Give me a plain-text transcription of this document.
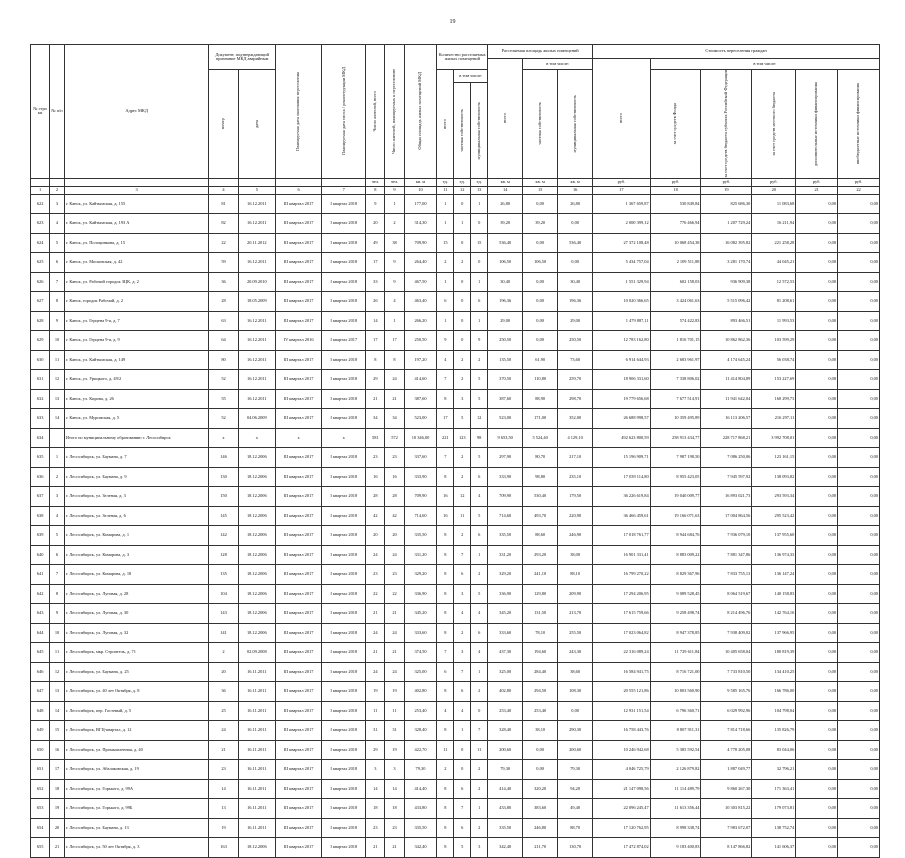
19
№ стро ки	№ п/п	Адрес МКД	Документ, подтверждающий признание МКД аварийным		Планируемая дата окончания переселения	Планируемая дата сноса / реконструкции МКД	Число жителей, всего	Число жителей, планируемых к переселению	Общая площадь жилых помещений МКД	Количество расселяемых жилых помещений			Расселяемая площадь жилых помещений			Стоимость переселения граждан					

													всего	в том числе:		всего	в том числе:				

			номер	дата						всего	в том числе:			частная собственность	муниципальная собственность		за счет средств Фонда	за счет средств бюджета субъекта Российской Федерации	за счет средств местного бюджета	дополнительные источники финансирования	внебюджетные источники финансирования

											частная собственность	муниципальная собственность									

							чел.	чел.	кв. м	ед.	ед.	ед.	кв. м	кв. м	кв. м	руб.	руб.	руб.	руб.	руб.	руб.
1	2	3	4	5	6	7	8	9	10	11	12	13	14	15	16	17	18	19	20	21	22
622	3	г. Канск, ул. Кайтымская, д. 155	81	16.12.2011	III квартал 2017	I квартал 2018	9	1	177,00	1	0	1	26,80	0,00	26,80	1 367 659,87	530 849,84	825 686,30	11 083,68	0,00	0,00
623	4	г. Канск, ул. Кайтымская, д. 193 А	82	16.12.2011	III квартал 2017	I квартал 2018	20	2	314,30	1	1	0	39,20	39,20	0,00	2 000 399,12	776 466,94	1 207 729,24	16 211,94	0,00	0,00
624	5	г. Канск, ул. Полоцинкова, д. 15	22	20.11.2012	III квартал 2017	I квартал 2018	49	38	709,90	15	0	15	536,40	0,00	536,40	27 372 108,48	10 068 454,38	16 082 395,82	221 258,28	0,00	0,00
625	6	г. Канск, ул. Московская, д. 42	59	16.12.2011	III квартал 2017	I квартал 2018	17	9	264,40	2	2	0	106,50	106,50	0,00	5 434 757,04	2 109 511,88	3 281 170,74	44 045,21	0,00	0,00
626	7	г. Канск, ул. Рабочий городок ЗЦК, д. 2	36	20.09.2010	III квартал 2017	I квартал 2018	33	9	467,50	1	0	1	30,40	0,00	30,40	1 551 329,94	602 158,03	936 909,38	12 572,53	0,00	0,00
627	8	г. Канск, городок Рабочий, д. 2	28	18.05.2009	III квартал 2017	I квартал 2018	26	4	463,40	6	0	6	196,36	0,00	196,36	10 020 366,65	3 424 061,63	5 515 096,42	81 208,61	0,00	0,00
628	9	г. Канск, ул. Герцена 9-я, д. 7	63	16.12.2011	III квартал 2017	I квартал 2018	14	1	266,20	1	0	1	29,00	0,00	29,00	1 479 887,11	574 422,83	893 466,51	11 993,53	0,00	0,00
629	10	г. Канск, ул. Герцена 9-я, д. 9	64	16.12.2011	IV квартал 2016	I квартал 2017	17	17	250,50	9	0	9	250,50	0,00	250,50	12 783 162,80	1 816 701,15	10 862 862,36	103 599,29	0,00	0,00
630	11	г. Канск, ул. Кайтымская, д. 149	80	16.12.2011	III квартал 2017	I квартал 2018	8	8	197,20	4	2	2	135,50	61,90	73,60	6 914 644,93	2 683 961,97	4 174 645,24	56 038,74	0,00	0,00
631	12	г. Канск, ул. Урицкого, д. 49/2	52	16.12.2011	III квартал 2017	I квартал 2018	29	24	414,60	7	2	5	370,50	110,80	259,70	18 906 331,60	7 338 806,02	11 414 804,89	153 227,69	0,00	0,00
632	13	г. Канск, ул. Кирова, д. 26	55	16.12.2011	III квартал 2017	I квартал 2018	21	21	387,60	8	3	5	387,60	88,90	298,70	19 779 656,68	7 677 514,91	11 941 642,04	160 299,73	0,00	0,00
633	14	г. Канск, ул. Муромская, д. 5	52	04.06.2009	III квартал 2017	I квартал 2018	34	34	523,00	17	5	12	523,00	171,00	352,00	26 688 998,57	10 359 495,89	16 113 206,57	216 297,11	0,00	0,00
634		Итого по муниципальному образованию г. Лесосибирск	x	x	x	x	581	572	10 346,00	221	123	98	9 653,50	5 524,40	4 129,10	492 623 800,59	258 913 434,77	228 717 868,21	3 992 708,01	0,00	0,00
635	1	г. Лесосибирск, ул. Бауманa, д. 7	146	18.12.2006	III квартал 2017	I квартал 2018	23	23	337,60	7	2	5	297,90	80,70	217,10	15 196 909,71	7 987 198,50	7 086 250,06	123 161,15	0,00	0,00
636	2	г. Лесосибирск, ул. Бауманa, д. 9	130	18.12.2006	III квартал 2017	I квартал 2018	16	16	333,90	8	2	6	333,90	98,80	235,10	17 039 114,80	8 955 423,05	7 945 597,92	138 093,82	0,00	0,00
637	3	г. Лесосибирск, ул. Зеленая, д. 3	150	18.12.2006	III квартал 2017	I квартал 2018	28	28	709,90	16	12	4	709,90	530,40	179,50	36 226 619,84	19 040 009,77	16 893 021,73	293 593,34	0,00	0,00
638	4	г. Лесосибирск, ул. Зеленая, д. 6	145	18.12.2006	III квартал 2017	I квартал 2018	42	42	714,60	16	11	5	714,60	493,70	220,90	36 466 459,61	19 166 071,63	17 004 864,56	295 523,42	0,00	0,00
639	5	г. Лесосибирск, ул. Комарова, д. 1	142	18.12.2006	III квартал 2017	I квартал 2018	20	20	335,50	8	2	6	335,50	88,60	246,90	17 018 761,77	8 944 684,76	7 936 079,10	137 955,60	0,00	0,00
640	6	г. Лесосибирск, ул. Комарова, д. 3	128	18.12.2006	III квартал 2017	I квартал 2018	24	24	331,20	8	7	1	331,20	293,20	38,00	16 901 331,41	8 883 009,22	7 881 347,86	136 974,33	0,00	0,00
641	7	г. Лесосибирск, ул. Комарова, д. 18	135	18.12.2006	III квартал 2017	I квартал 2018	23	23	329,20	8	6	2	329,20	241,10	88,10	16 799 270,22	8 829 367,96	7 833 755,13	136 147,24	0,00	0,00
642	8	г. Лесосибирск, ул. Луговая, д. 28	104	18.12.2006	III квартал 2017	I квартал 2018	22	22	336,90	8	3	5	336,90	129,80	209,90	17 294 206,95	9 089 528,45	8 064 519,67	140 158,83	0,00	0,00
643	9	г. Лесосибирск, ул. Луговая, д. 30	143	18.12.2006	III квартал 2017	I квартал 2018	21	21	345,20	8	4	4	345,20	131,50	213,70	17 615 759,66	9 258 498,74	8 214 496,76	142 764,16	0,00	0,00
644	10	г. Лесосибирск, ул. Луговая, д. 32	141	18.12.2006	III квартал 2017	I квартал 2018	24	24	333,60	8	2	6	333,60	78,10	255,50	17 023 064,82	8 947 378,85	7 938 409,02	137 966,95	0,00	0,00
645	11	г. Лесосибирск, мкр. Строитель, д. 71	2	02.09.2008	III квартал 2017	I квартал 2018	21	21	374,50	7	3	4	437,30	194,60	243,30	22 316 089,24	11 729 611,84	10 405 658,04	180 819,39	0,00	0,00
646	12	г. Лесосибирск, ул. Бауманa, д. 25	20	16.11.2011	III квартал 2017	I квартал 2018	24	24	325,00	6	7	1	325,00	284,40	38,60	16 584 941,75	8 716 721,00	7 733 810,50	134 410,25	0,00	0,00
647	13	г. Лесосибирск, ул. 40 лет Октября, д. 8	36	16.11.2011	III квартал 2017	I квартал 2018	19	19	402,80	8	6	2	402,80	294,50	108,30	20 555 121,86	10 803 560,90	9 585 165,76	166 786,00	0,00	0,00
648	14	г. Лесосибирск, пер. Гостевый, д. 5	25	16.11.2011	III квартал 2017	I квартал 2018	11	11	253,40	4	4	0	253,40	253,40	0,00	12 931 151,54	6 796 360,71	6 029 992,96	104 798,04	0,00	0,00
649	15	г. Лесосибирск, ВГЦ-квартал, д. 12	24	16.11.2011	III квартал 2017	I квартал 2018	31	31	328,40	8	1	7	328,40	38,10	290,30	16 758 443,76	8 807 911,31	7 814 718,66	135 826,79	0,00	0,00
650	16	г. Лесосибирск, ул. Промышленная, д. 40	21	16.11.2011	III квартал 2017	I квартал 2018	29	19	422,70	11	0	11	200,60	0,00	200,60	10 246 942,68	5 385 592,54	4 778 205,08	83 044,06	0,00	0,00
651	17	г. Лесосибирск, ул. Абалаковская, д. 19	23	16.11.2011	III квартал 2017	I квартал 2018	3	3	79,30	2	0	2	79,30	0,00	79,30	4 046 725,79	2 126 879,82	1 887 049,77	32 796,21	0,00	0,00
652	18	г. Лесосибирск, ул. Горького, д. 99А	14	16.11.2011	III квартал 2017	I квартал 2018	14	14	414,40	8	6	2	414,40	320,20	94,20	21 147 098,56	11 114 489,79	9 860 267,30	171 363,41	0,00	0,00
653	19	г. Лесосибирск, ул. Горького, д. 99Б	13	16.11.2011	III квартал 2017	I квартал 2018	18	18	433,80	8	7	1	433,80	383,60	49,40	22 096 245,47	11 613 356,44	10 303 815,22	179 073,81	0,00	0,00
654	20	г. Лесосибирск, ул. Бауманa, д. 13	19	16.11.2011	III квартал 2017	I квартал 2018	23	23	335,50	8	6	2	335,50	246,80	88,70	17 120 762,95	8 998 338,74	7 983 672,07	138 752,74	0,00	0,00
655	21	г. Лесосибирск, ул. 50 лет Октября, д. 3	163	18.12.2006	III квартал 2017	I квартал 2018	21	21	342,40	8	5	3	342,40	211,70	130,70	17 472 874,02	9 183 400,83	8 147 866,82	141 606,37	0,00	0,00
